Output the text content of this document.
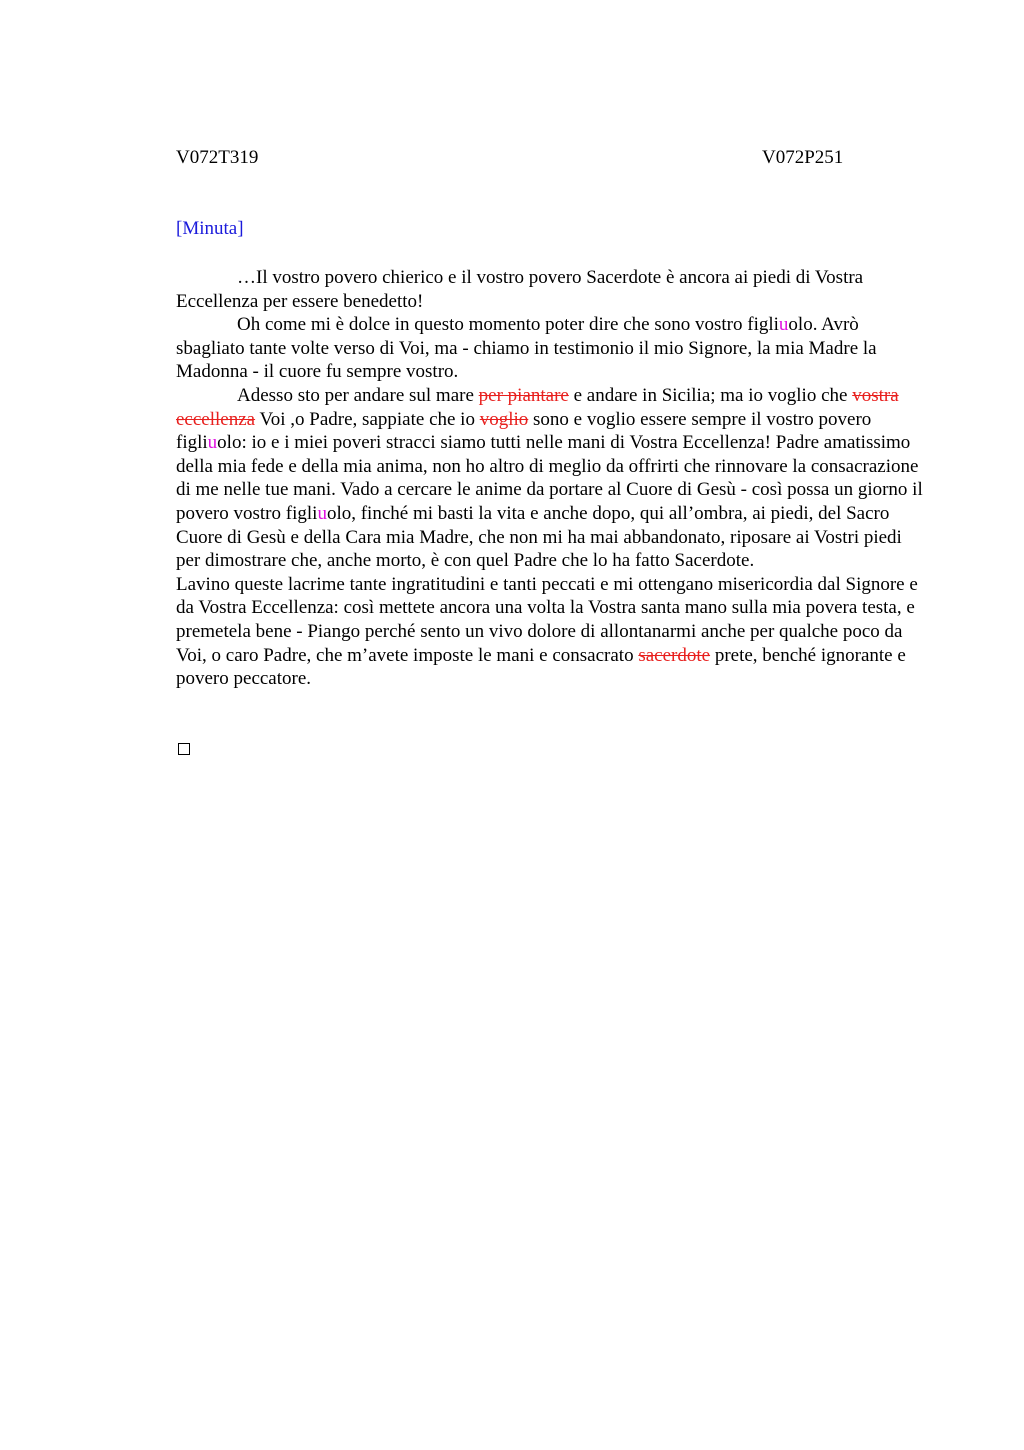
V072T319	V072P251
[Minuta]

…Il vostro povero chierico e il vostro povero Sacerdote è ancora ai piedi di Vostra Eccellenza per essere benedetto!

Oh come mi è dolce in questo momento poter dire che sono vostro figliuolo. Avrò sbagliato tante volte verso di Voi, ma - chiamo in testimonio il mio Signore, la mia Madre la Madonna - il cuore fu sempre vostro.

Adesso sto per andare sul mare per piantare e andare in Sicilia; ma io voglio che vostra eccellenza Voi ,o Padre, sappiate che io voglio sono e voglio essere sempre il vostro povero figliuolo: io e i miei poveri stracci siamo tutti nelle mani di Vostra Eccellenza! Padre amatissimo della mia fede e della mia anima, non ho altro di meglio da offrirti che rinnovare la consacrazione di me nelle tue mani. Vado a cercare le anime da portare al Cuore di Gesù - così possa un giorno il povero vostro figliuolo, finché mi basti la vita e anche dopo, qui all’ombra, ai piedi, del Sacro Cuore di Gesù e della Cara mia Madre, che non mi ha mai abbandonato, riposare ai Vostri piedi per dimostrare che, anche morto, è con quel Padre che lo ha fatto Sacerdote.

Lavino queste lacrime tante ingratitudini e tanti peccati e mi ottengano misericordia dal Signore e da Vostra Eccellenza: così mettete ancora una volta la Vostra santa mano sulla mia povera testa, e premetela bene - Piango perché sento un vivo dolore di allontanarmi anche per qualche poco da Voi, o caro Padre, che m’avete imposte le mani e consacrato sacerdote prete, benché ignorante e povero peccatore.
